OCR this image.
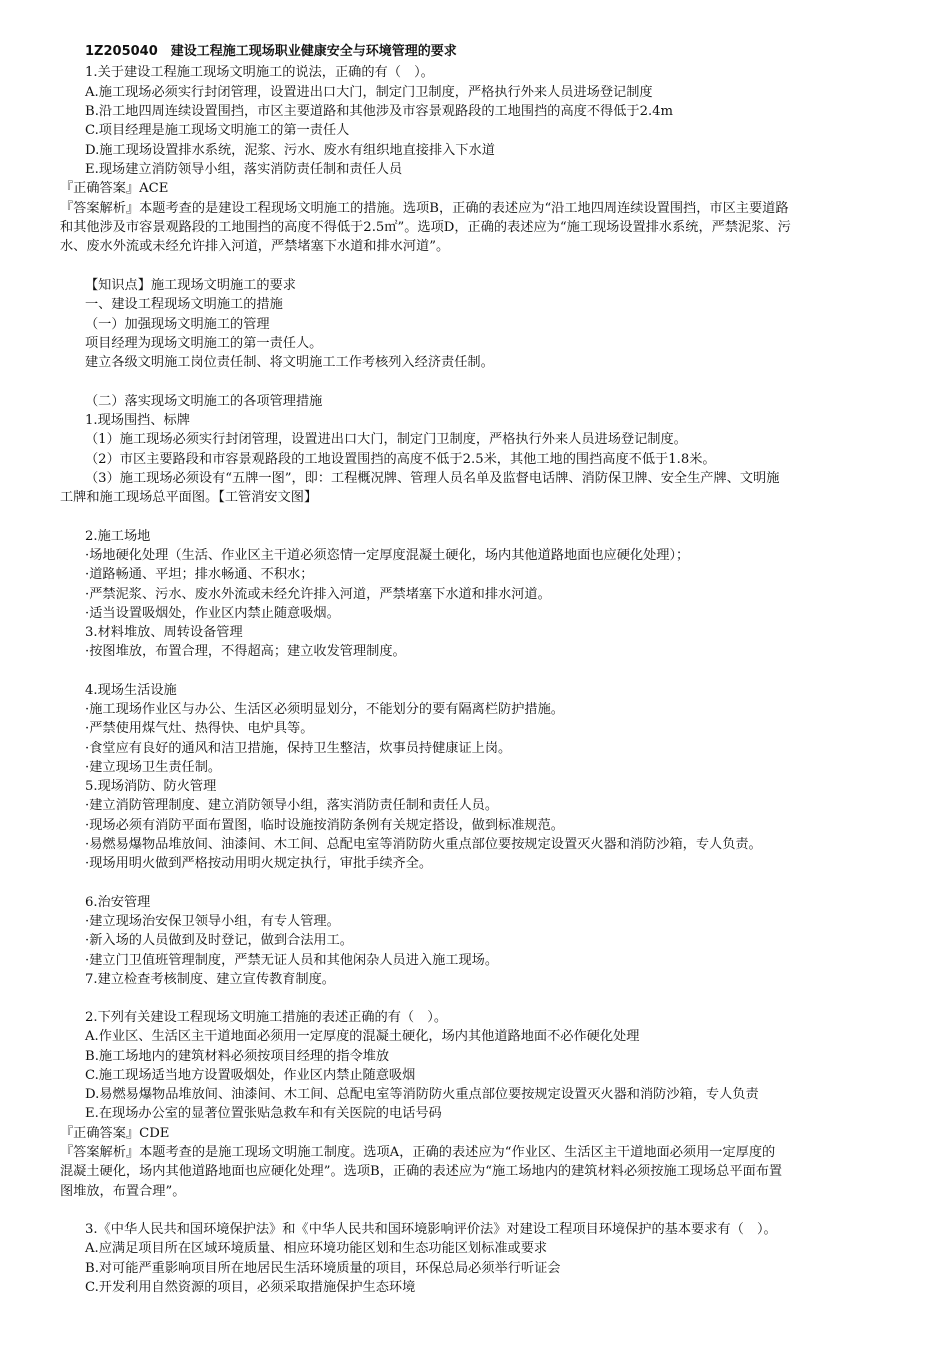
1Z205040　建设工程施工现场职业健康安全与环境管理的要求
1.关于建设工程施工现场文明施工的说法，正确的有（　）。
A.施工现场必须实行封闭管理，设置进出口大门，制定门卫制度，严格执行外来人员进场登记制度
B.沿工地四周连续设置围挡，市区主要道路和其他涉及市容景观路段的工地围挡的高度不得低于2.4m
C.项目经理是施工现场文明施工的第一责任人
D.施工现场设置排水系统，泥浆、污水、废水有组织地直接排入下水道
E.现场建立消防领导小组，落实消防责任制和责任人员
『正确答案』ACE
『答案解析』本题考查的是建设工程现场文明施工的措施。选项B，正确的表述应为“沿工地四周连续设置围挡，市区主要道路
和其他涉及市容景观路段的工地围挡的高度不得低于2.5㎡”。选项D，正确的表述应为“施工现场设置排水系统，严禁泥浆、污
水、废水外流或未经允许排入河道，严禁堵塞下水道和排水河道”。
【知识点】施工现场文明施工的要求
一、建设工程现场文明施工的措施
（一）加强现场文明施工的管理
项目经理为现场文明施工的第一责任人。
建立各级文明施工岗位责任制、将文明施工工作考核列入经济责任制。
（二）落实现场文明施工的各项管理措施
1.现场围挡、标牌
（1）施工现场必须实行封闭管理，设置进出口大门，制定门卫制度，严格执行外来人员进场登记制度。
（2）市区主要路段和市容景观路段的工地设置围挡的高度不低于2.5米，其他工地的围挡高度不低于1.8米。
（3）施工现场必须设有“五牌一图”，即：工程概况牌、管理人员名单及监督电话牌、消防保卫牌、安全生产牌、文明施
工牌和施工现场总平面图。【工管消安文图】
2.施工场地
·场地硬化处理（生活、作业区主干道必须恣情一定厚度混凝土硬化，场内其他道路地面也应硬化处理）；
·道路畅通、平坦；排水畅通、不积水；
·严禁泥浆、污水、废水外流或未经允许排入河道，严禁堵塞下水道和排水河道。
·适当设置吸烟处，作业区内禁止随意吸烟。
3.材料堆放、周转设备管理
·按图堆放，布置合理，不得超高；建立收发管理制度。
4.现场生活设施
·施工现场作业区与办公、生活区必须明显划分，不能划分的要有隔离栏防护措施。
·严禁使用煤气灶、热得快、电炉具等。
·食堂应有良好的通风和洁卫措施，保持卫生整洁，炊事员持健康证上岗。
·建立现场卫生责任制。
5.现场消防、防火管理
·建立消防管理制度、建立消防领导小组，落实消防责任制和责任人员。
·现场必须有消防平面布置图，临时设施按消防条例有关规定搭设，做到标准规范。
·易燃易爆物品堆放间、油漆间、木工间、总配电室等消防防火重点部位要按规定设置灭火器和消防沙箱，专人负责。
·现场用明火做到严格按动用明火规定执行，审批手续齐全。
6.治安管理
·建立现场治安保卫领导小组，有专人管理。
·新入场的人员做到及时登记，做到合法用工。
·建立门卫值班管理制度，严禁无证人员和其他闲杂人员进入施工现场。
7.建立检查考核制度、建立宣传教育制度。
2.下列有关建设工程现场文明施工措施的表述正确的有（　）。
A.作业区、生活区主干道地面必须用一定厚度的混凝土硬化，场内其他道路地面不必作硬化处理
B.施工场地内的建筑材料必须按项目经理的指令堆放
C.施工现场适当地方设置吸烟处，作业区内禁止随意吸烟
D.易燃易爆物品堆放间、油漆间、木工间、总配电室等消防防火重点部位要按规定设置灭火器和消防沙箱，专人负责
E.在现场办公室的显著位置张贴急救车和有关医院的电话号码
『正确答案』CDE
『答案解析』本题考查的是施工现场文明施工制度。选项A，正确的表述应为“作业区、生活区主干道地面必须用一定厚度的
混凝土硬化，场内其他道路地面也应硬化处理”。选项B，正确的表述应为“施工场地内的建筑材料必须按施工现场总平面布置
图堆放，布置合理”。
3.《中华人民共和国环境保护法》和《中华人民共和国环境影响评价法》对建设工程项目环境保护的基本要求有（　）。
A.应满足项目所在区域环境质量、相应环境功能区划和生态功能区划标准或要求
B.对可能严重影响项目所在地居民生活环境质量的项目，环保总局必须举行听证会
C.开发利用自然资源的项目，必须采取措施保护生态环境
